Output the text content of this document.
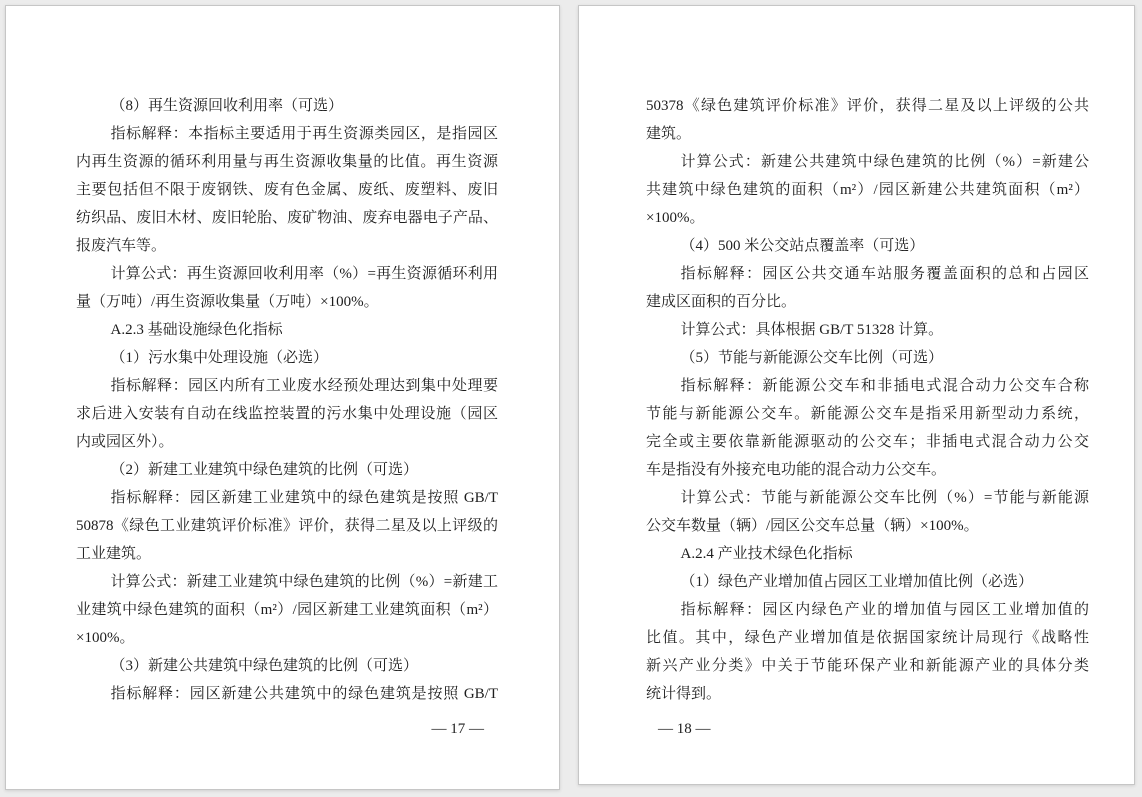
（8）再生资源回收利用率（可选）
指标解释：本指标主要适用于再生资源类园区，是指园区
内再生资源的循环利用量与再生资源收集量的比值。再生资源
主要包括但不限于废钢铁、废有色金属、废纸、废塑料、废旧
纺织品、废旧木材、废旧轮胎、废矿物油、废弃电器电子产品、
报废汽车等。
计算公式：再生资源回收利用率（%）=再生资源循环利用
量（万吨）/再生资源收集量（万吨）×100%。
A.2.3 基础设施绿色化指标
（1）污水集中处理设施（必选）
指标解释：园区内所有工业废水经预处理达到集中处理要
求后进入安装有自动在线监控装置的污水集中处理设施（园区
内或园区外）。
（2）新建工业建筑中绿色建筑的比例（可选）
指标解释：园区新建工业建筑中的绿色建筑是按照 GB/T
50878《绿色工业建筑评价标准》评价，获得二星及以上评级的
工业建筑。
计算公式：新建工业建筑中绿色建筑的比例（%）=新建工
业建筑中绿色建筑的面积（m²）/园区新建工业建筑面积（m²）
×100%。
（3）新建公共建筑中绿色建筑的比例（可选）
指标解释：园区新建公共建筑中的绿色建筑是按照 GB/T
— 17 —
50378《绿色建筑评价标准》评价，获得二星及以上评级的公共
建筑。
计算公式：新建公共建筑中绿色建筑的比例（%）=新建公
共建筑中绿色建筑的面积（m²）/园区新建公共建筑面积（m²）
×100%。
（4）500 米公交站点覆盖率（可选）
指标解释：园区公共交通车站服务覆盖面积的总和占园区
建成区面积的百分比。
计算公式：具体根据 GB/T 51328 计算。
（5）节能与新能源公交车比例（可选）
指标解释：新能源公交车和非插电式混合动力公交车合称
节能与新能源公交车。新能源公交车是指采用新型动力系统，
完全或主要依靠新能源驱动的公交车；非插电式混合动力公交
车是指没有外接充电功能的混合动力公交车。
计算公式：节能与新能源公交车比例（%）=节能与新能源
公交车数量（辆）/园区公交车总量（辆）×100%。
A.2.4 产业技术绿色化指标
（1）绿色产业增加值占园区工业增加值比例（必选）
指标解释：园区内绿色产业的增加值与园区工业增加值的
比值。其中，绿色产业增加值是依据国家统计局现行《战略性
新兴产业分类》中关于节能环保产业和新能源产业的具体分类
统计得到。
— 18 —
